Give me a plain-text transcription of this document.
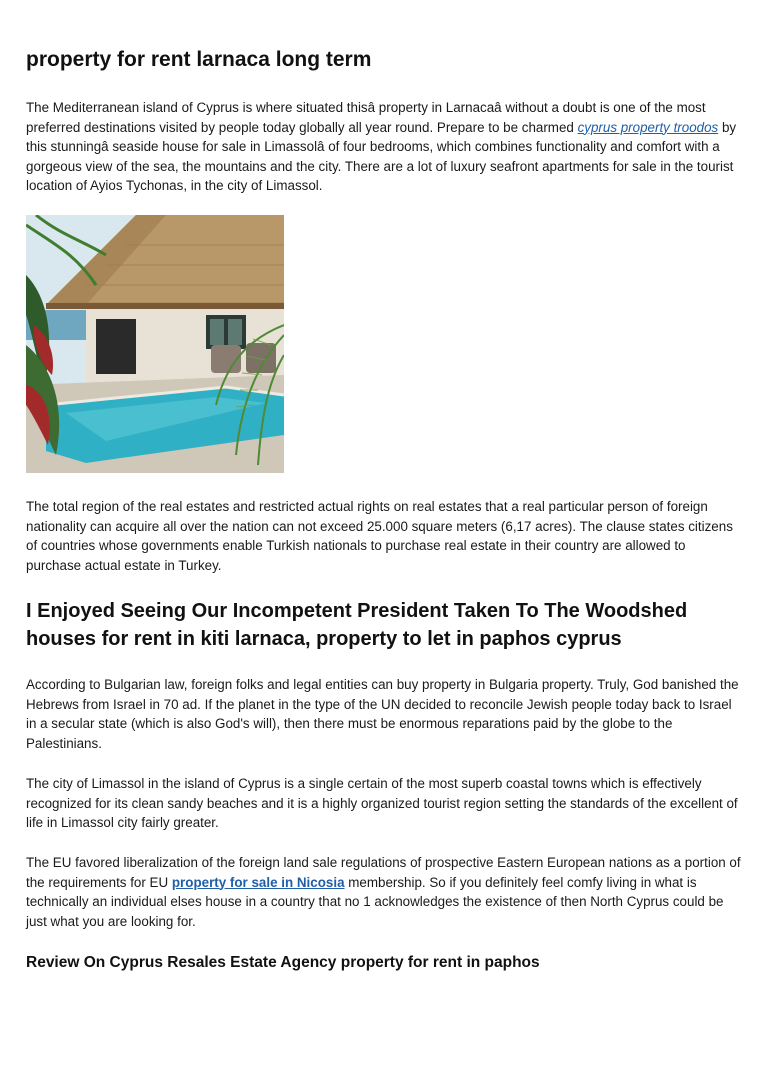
property for rent larnaca long term

The Mediterranean island of Cyprus is where situated thisâ property in Larnacaâ without a doubt is one of the most preferred destinations visited by people today globally all year round. Prepare to be charmed cyprus property troodos by this stunningâ seaside house for sale in Limassolâ of four bedrooms, which combines functionality and comfort with a gorgeous view of the sea, the mountains and the city. There are a lot of luxury seafront apartments for sale in the tourist location of Ayios Tychonas, in the city of Limassol.

The total region of the real estates and restricted actual rights on real estates that a real particular person of foreign nationality can acquire all over the nation can not exceed 25.000 square meters (6,17 acres). The clause states citizens of countries whose governments enable Turkish nationals to purchase real estate in their country are allowed to purchase actual estate in Turkey.

I Enjoyed Seeing Our Incompetent President Taken To The Woodshed houses for rent in kiti larnaca, property to let in paphos cyprus

According to Bulgarian law, foreign folks and legal entities can buy property in Bulgaria property. Truly, God banished the Hebrews from Israel in 70 ad. If the planet in the type of the UN decided to reconcile Jewish people today back to Israel in a secular state (which is also God's will), then there must be enormous reparations paid by the globe to the Palestinians.

The city of Limassol in the island of Cyprus is a single certain of the most superb coastal towns which is effectively recognized for its clean sandy beaches and it is a highly organized tourist region setting the standards of the excellent of life in Limassol city fairly greater.

The EU favored liberalization of the foreign land sale regulations of prospective Eastern European nations as a portion of the requirements for EU property for sale in Nicosia membership. So if you definitely feel comfy living in what is technically an individual elses house in a country that no 1 acknowledges the existence of then North Cyprus could be just what you are looking for.

Review On Cyprus Resales Estate Agency property for rent in paphos
